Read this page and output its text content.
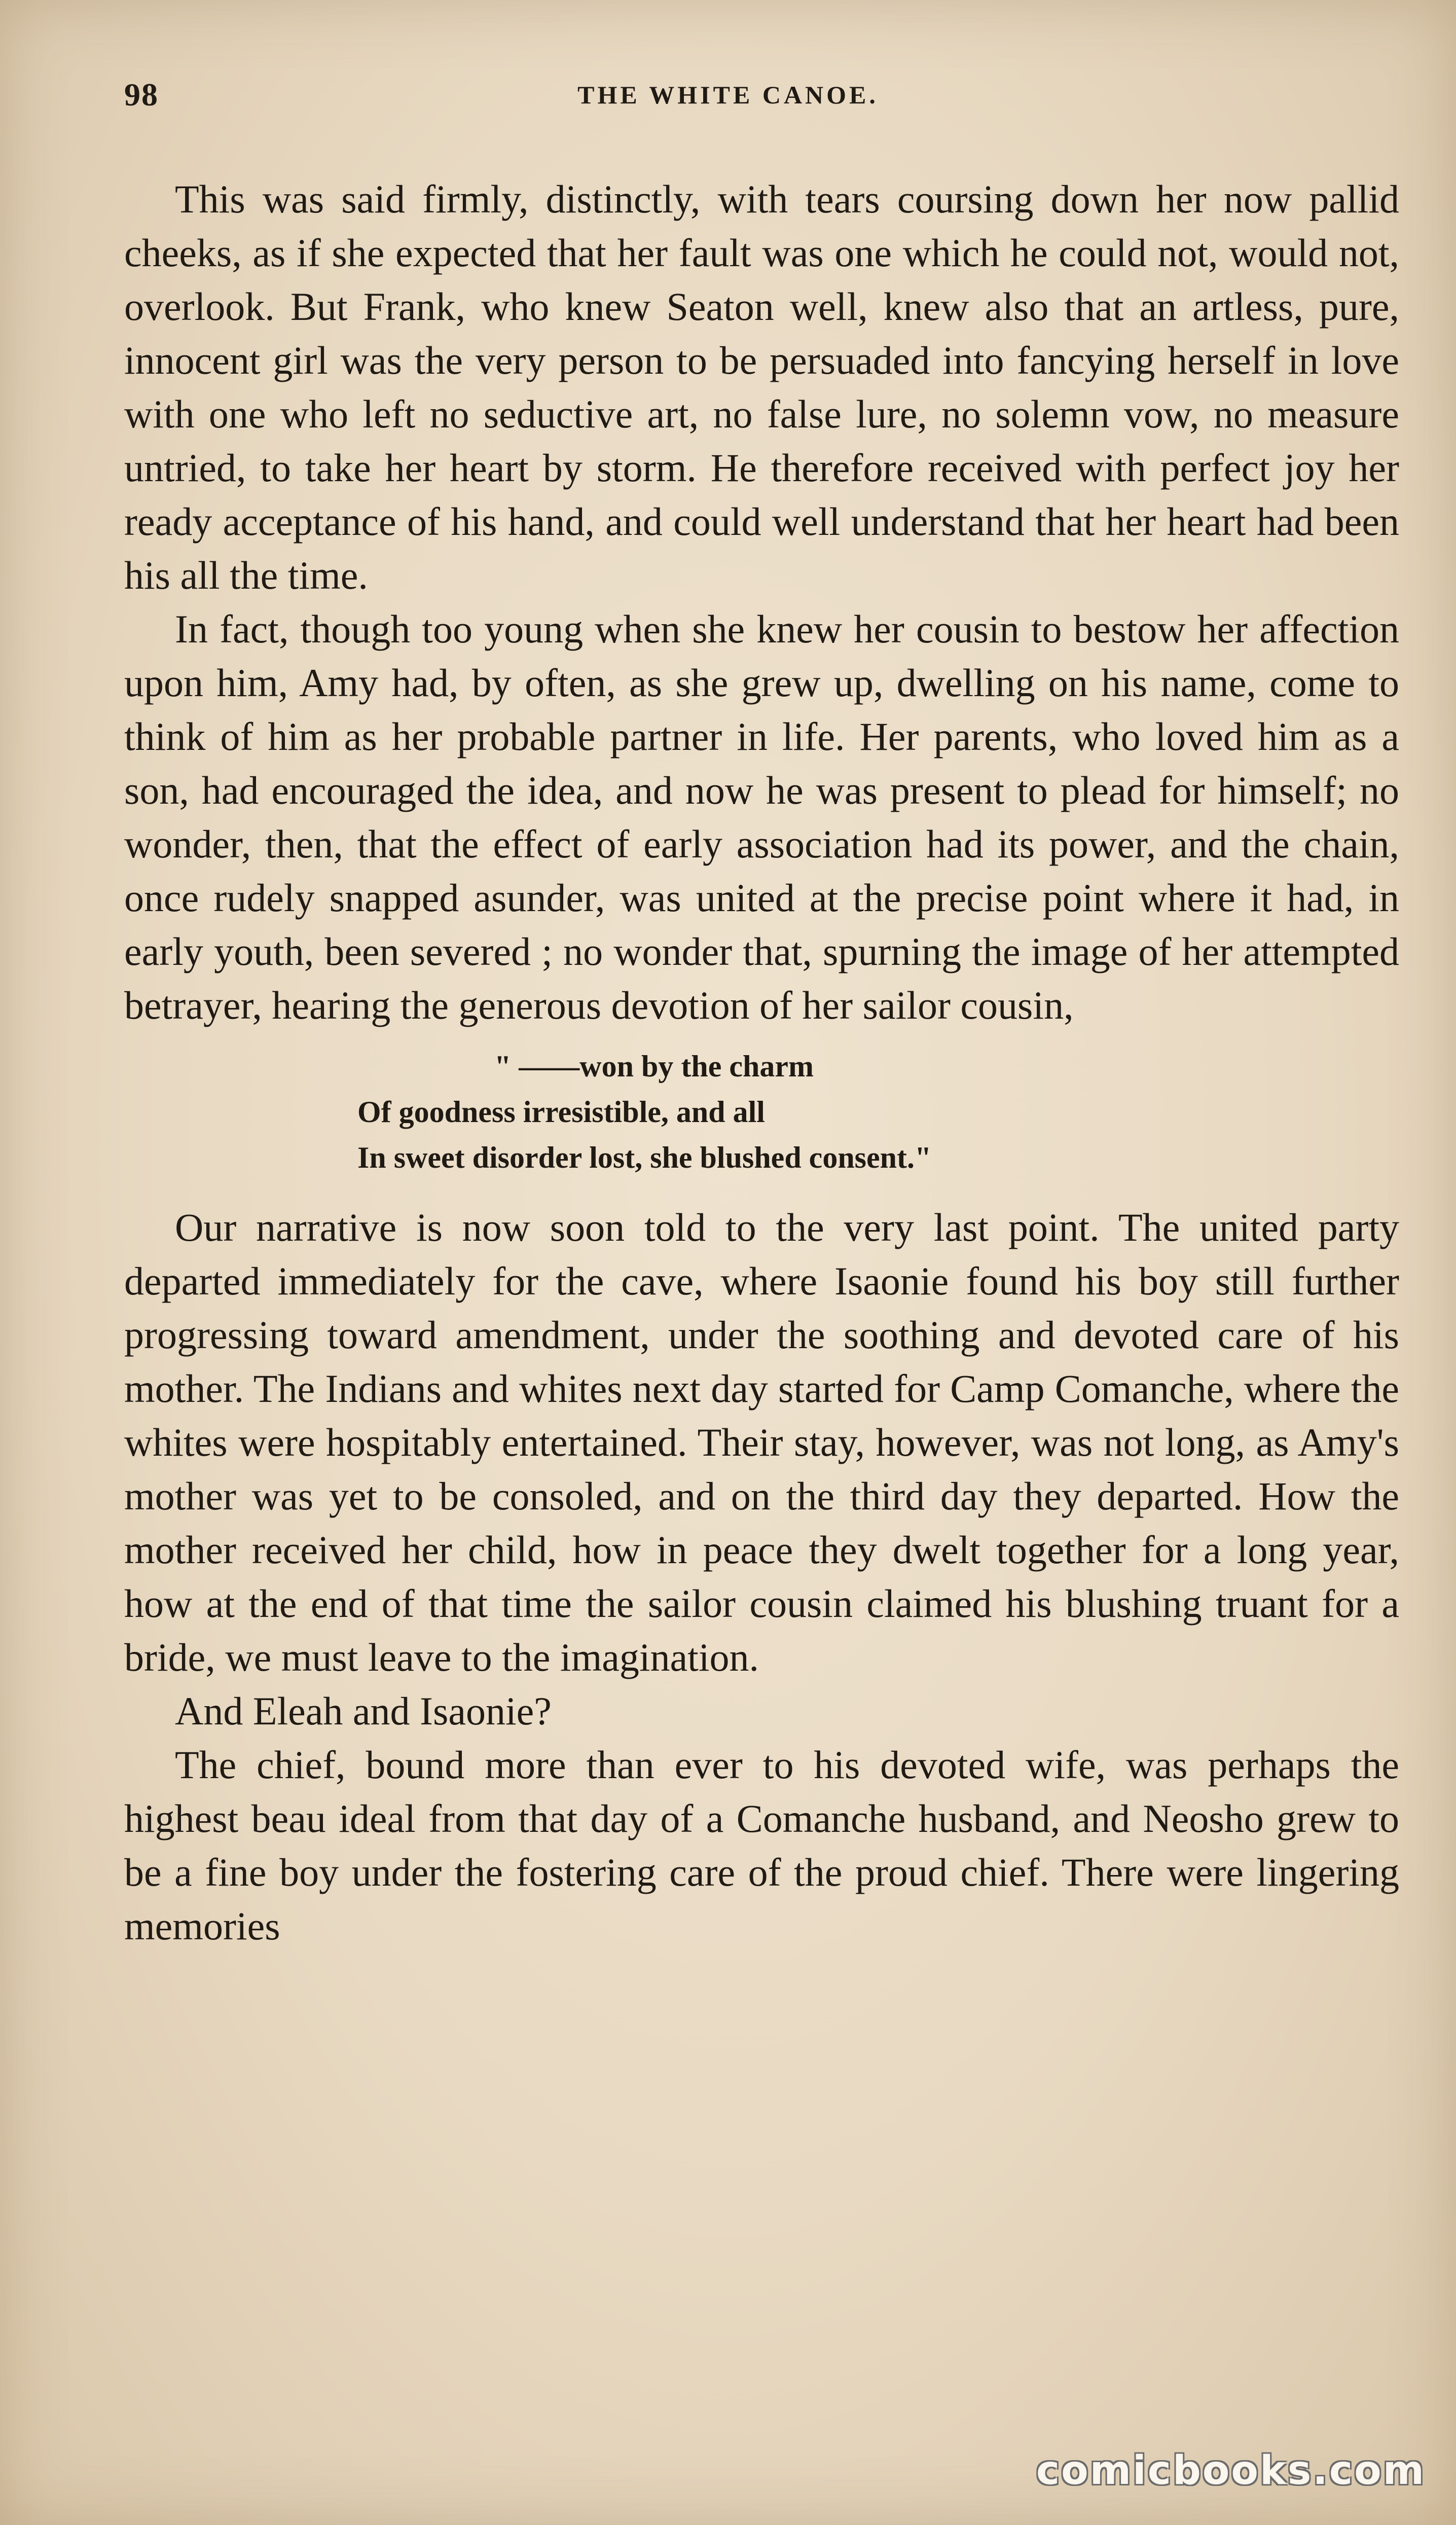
98	THE WHITE CANOE.

This was said firmly, distinctly, with tears coursing down her now pallid cheeks, as if she expected that her fault was one which he could not, would not, overlook. But Frank, who knew Seaton well, knew also that an artless, pure, innocent girl was the very person to be persuaded into fancying herself in love with one who left no seductive art, no false lure, no solemn vow, no measure untried, to take her heart by storm. He therefore received with perfect joy her ready acceptance of his hand, and could well understand that her heart had been his all the time.

In fact, though too young when she knew her cousin to bestow her affection upon him, Amy had, by often, as she grew up, dwelling on his name, come to think of him as her probable partner in life. Her parents, who loved him as a son, had encouraged the idea, and now he was present to plead for himself; no wonder, then, that the effect of early association had its power, and the chain, once rudely snapped asunder, was united at the precise point where it had, in early youth, been severed ; no wonder that, spurning the image of her attempted betrayer, hearing the generous devotion of her sailor cousin,

" ——won by the charm
Of goodness irresistible, and all
In sweet disorder lost, she blushed consent."

Our narrative is now soon told to the very last point. The united party departed immediately for the cave, where Isaonie found his boy still further progressing toward amendment, under the soothing and devoted care of his mother. The Indians and whites next day started for Camp Comanche, where the whites were hospitably entertained. Their stay, however, was not long, as Amy's mother was yet to be consoled, and on the third day they departed. How the mother received her child, how in peace they dwelt together for a long year, how at the end of that time the sailor cousin claimed his blushing truant for a bride, we must leave to the imagination.

And Eleah and Isaonie?

The chief, bound more than ever to his devoted wife, was perhaps the highest beau ideal from that day of a Comanche husband, and Neosho grew to be a fine boy under the fostering care of the proud chief. There were lingering memories

comicbooks.com
